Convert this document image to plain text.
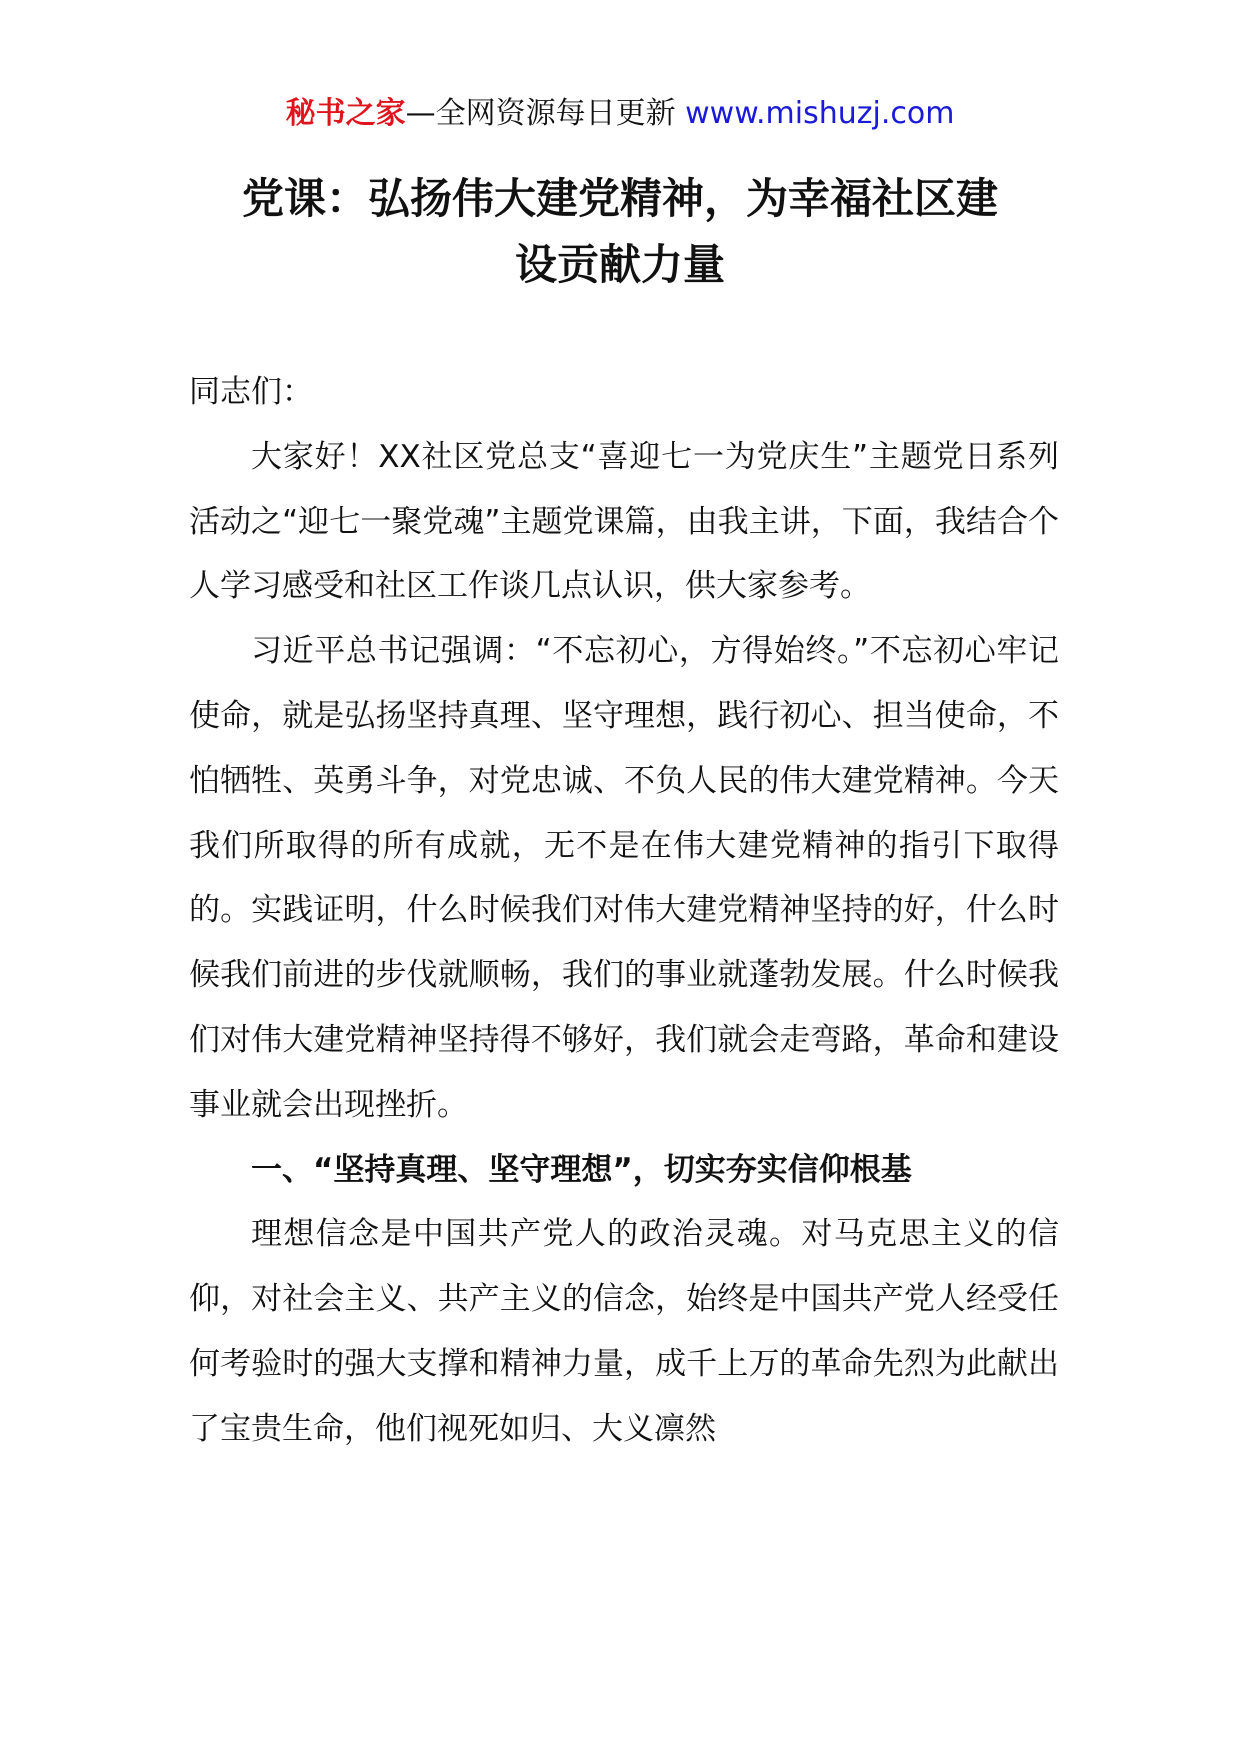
秘书之家—全网资源每日更新 www.mishuzj.com
党课：弘扬伟大建党精神，为幸福社区建
设贡献力量

同志们：

大家好！XX社区党总支“喜迎七一为党庆生”主题党日系列活动之“迎七一聚党魂”主题党课篇，由我主讲，下面，我结合个人学习感受和社区工作谈几点认识，供大家参考。

习近平总书记强调：“不忘初心，方得始终。”不忘初心牢记使命，就是弘扬坚持真理、坚守理想，践行初心、担当使命，不怕牺牲、英勇斗争，对党忠诚、不负人民的伟大建党精神。今天我们所取得的所有成就，无不是在伟大建党精神的指引下取得的。实践证明，什么时候我们对伟大建党精神坚持的好，什么时候我们前进的步伐就顺畅，我们的事业就蓬勃发展。什么时候我们对伟大建党精神坚持得不够好，我们就会走弯路，革命和建设事业就会出现挫折。

一、“坚持真理、坚守理想”，切实夯实信仰根基

理想信念是中国共产党人的政治灵魂。对马克思主义的信仰，对社会主义、共产主义的信念，始终是中国共产党人经受任何考验时的强大支撑和精神力量，成千上万的革命先烈为此献出了宝贵生命，他们视死如归、大义凛然
